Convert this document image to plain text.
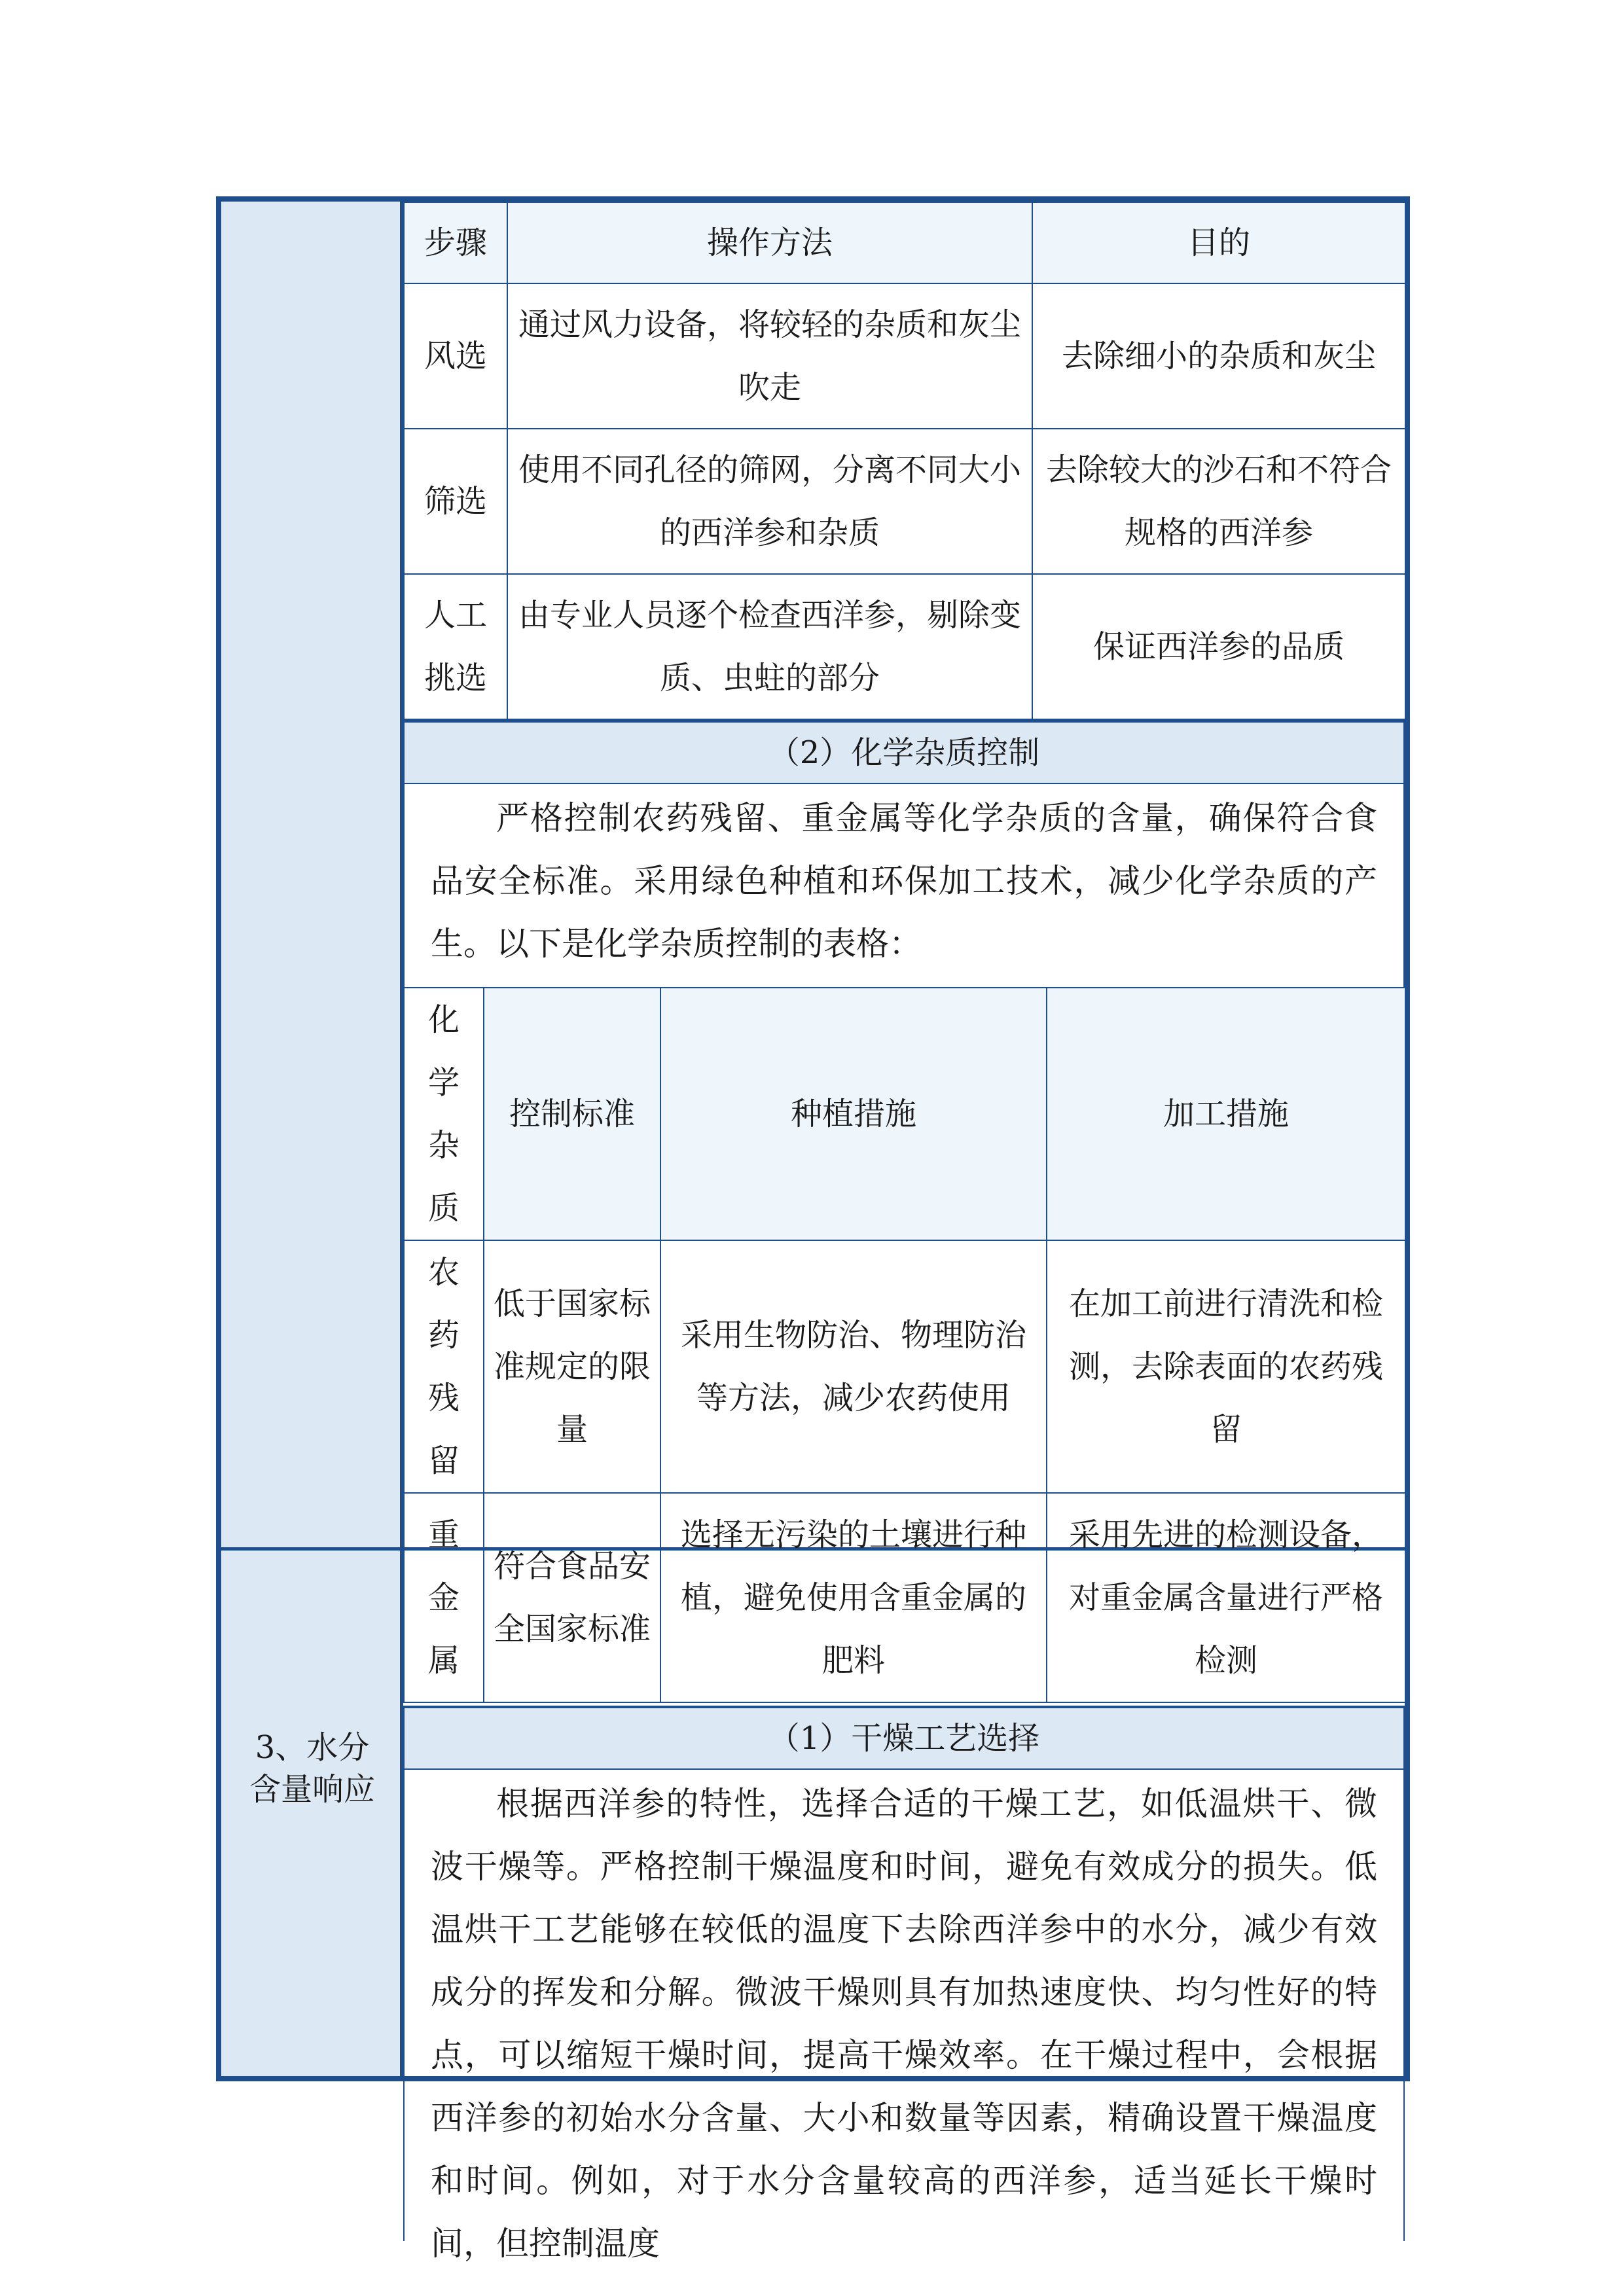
3、水分含量响应
步骤	操作方法	目的
风选	通过风力设备，将较轻的杂质和灰尘吹走	去除细小的杂质和灰尘
筛选	使用不同孔径的筛网，分离不同大小的西洋参和杂质	去除较大的沙石和不符合规格的西洋参
人工挑选	由专业人员逐个检查西洋参，剔除变质、虫蛀的部分	保证西洋参的品质
（2）化学杂质控制
严格控制农药残留、重金属等化学杂质的含量，确保符合食品安全标准。采用绿色种植和环保加工技术，减少化学杂质的产生。以下是化学杂质控制的表格：
化学杂质	控制标准	种植措施	加工措施
农药残留	低于国家标准规定的限量	采用生物防治、物理防治等方法，减少农药使用	在加工前进行清洗和检测，去除表面的农药残留
重金属	符合食品安全国家标准	选择无污染的土壤进行种植，避免使用含重金属的肥料	采用先进的检测设备，对重金属含量进行严格检测
（1）干燥工艺选择
根据西洋参的特性，选择合适的干燥工艺，如低温烘干、微波干燥等。严格控制干燥温度和时间，避免有效成分的损失。低温烘干工艺能够在较低的温度下去除西洋参中的水分，减少有效成分的挥发和分解。微波干燥则具有加热速度快、均匀性好的特点，可以缩短干燥时间，提高干燥效率。在干燥过程中，会根据西洋参的初始水分含量、大小和数量等因素，精确设置干燥温度和时间。例如，对于水分含量较高的西洋参，适当延长干燥时间，但控制温度
